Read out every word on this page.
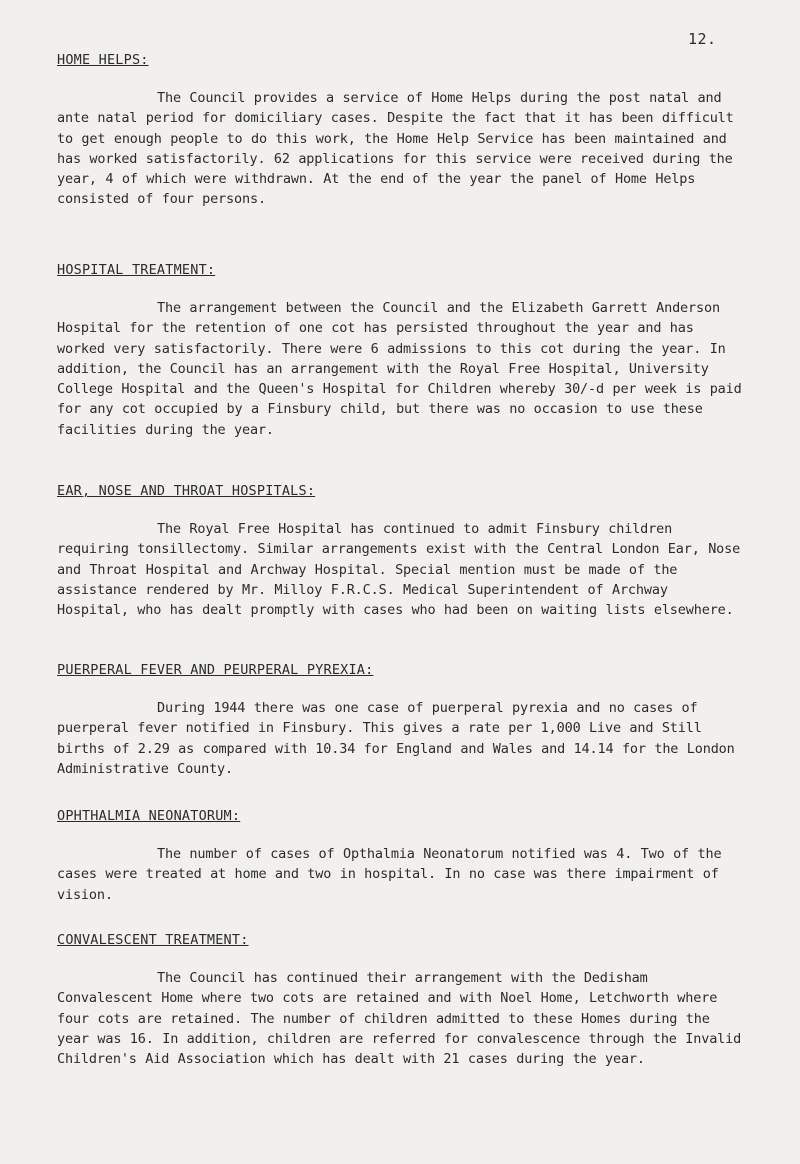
12.
HOME HELPS:

The Council provides a service of Home Helps during the post natal and ante natal period for domiciliary cases. Despite the fact that it has been difficult to get enough people to do this work, the Home Help Service has been maintained and has worked satisfactorily. 62 applications for this service were received during the year, 4 of which were withdrawn. At the end of the year the panel of Home Helps consisted of four persons.

HOSPITAL TREATMENT:

The arrangement between the Council and the Elizabeth Garrett Anderson Hospital for the retention of one cot has persisted throughout the year and has worked very satisfactorily. There were 6 admissions to this cot during the year. In addition, the Council has an arrangement with the Royal Free Hospital, University College Hospital and the Queen's Hospital for Children whereby 30/-d per week is paid for any cot occupied by a Finsbury child, but there was no occasion to use these facilities during the year.

EAR, NOSE AND THROAT HOSPITALS:

The Royal Free Hospital has continued to admit Finsbury children requiring tonsillectomy. Similar arrangements exist with the Central London Ear, Nose and Throat Hospital and Archway Hospital. Special mention must be made of the assistance rendered by Mr. Milloy F.R.C.S. Medical Superintendent of Archway Hospital, who has dealt promptly with cases who had been on waiting lists elsewhere.

PUERPERAL FEVER AND PEURPERAL PYREXIA:

During 1944 there was one case of puerperal pyrexia and no cases of puerperal fever notified in Finsbury. This gives a rate per 1,000 Live and Still births of 2.29 as compared with 10.34 for England and Wales and 14.14 for the London Administrative County.

OPHTHALMIA NEONATORUM:

The number of cases of Opthalmia Neonatorum notified was 4. Two of the cases were treated at home and two in hospital. In no case was there impairment of vision.

CONVALESCENT TREATMENT:

The Council has continued their arrangement with the Dedisham Convalescent Home where two cots are retained and with Noel Home, Letchworth where four cots are retained. The number of children admitted to these Homes during the year was 16. In addition, children are referred for convalescence through the Invalid Children's Aid Association which has dealt with 21 cases during the year.
